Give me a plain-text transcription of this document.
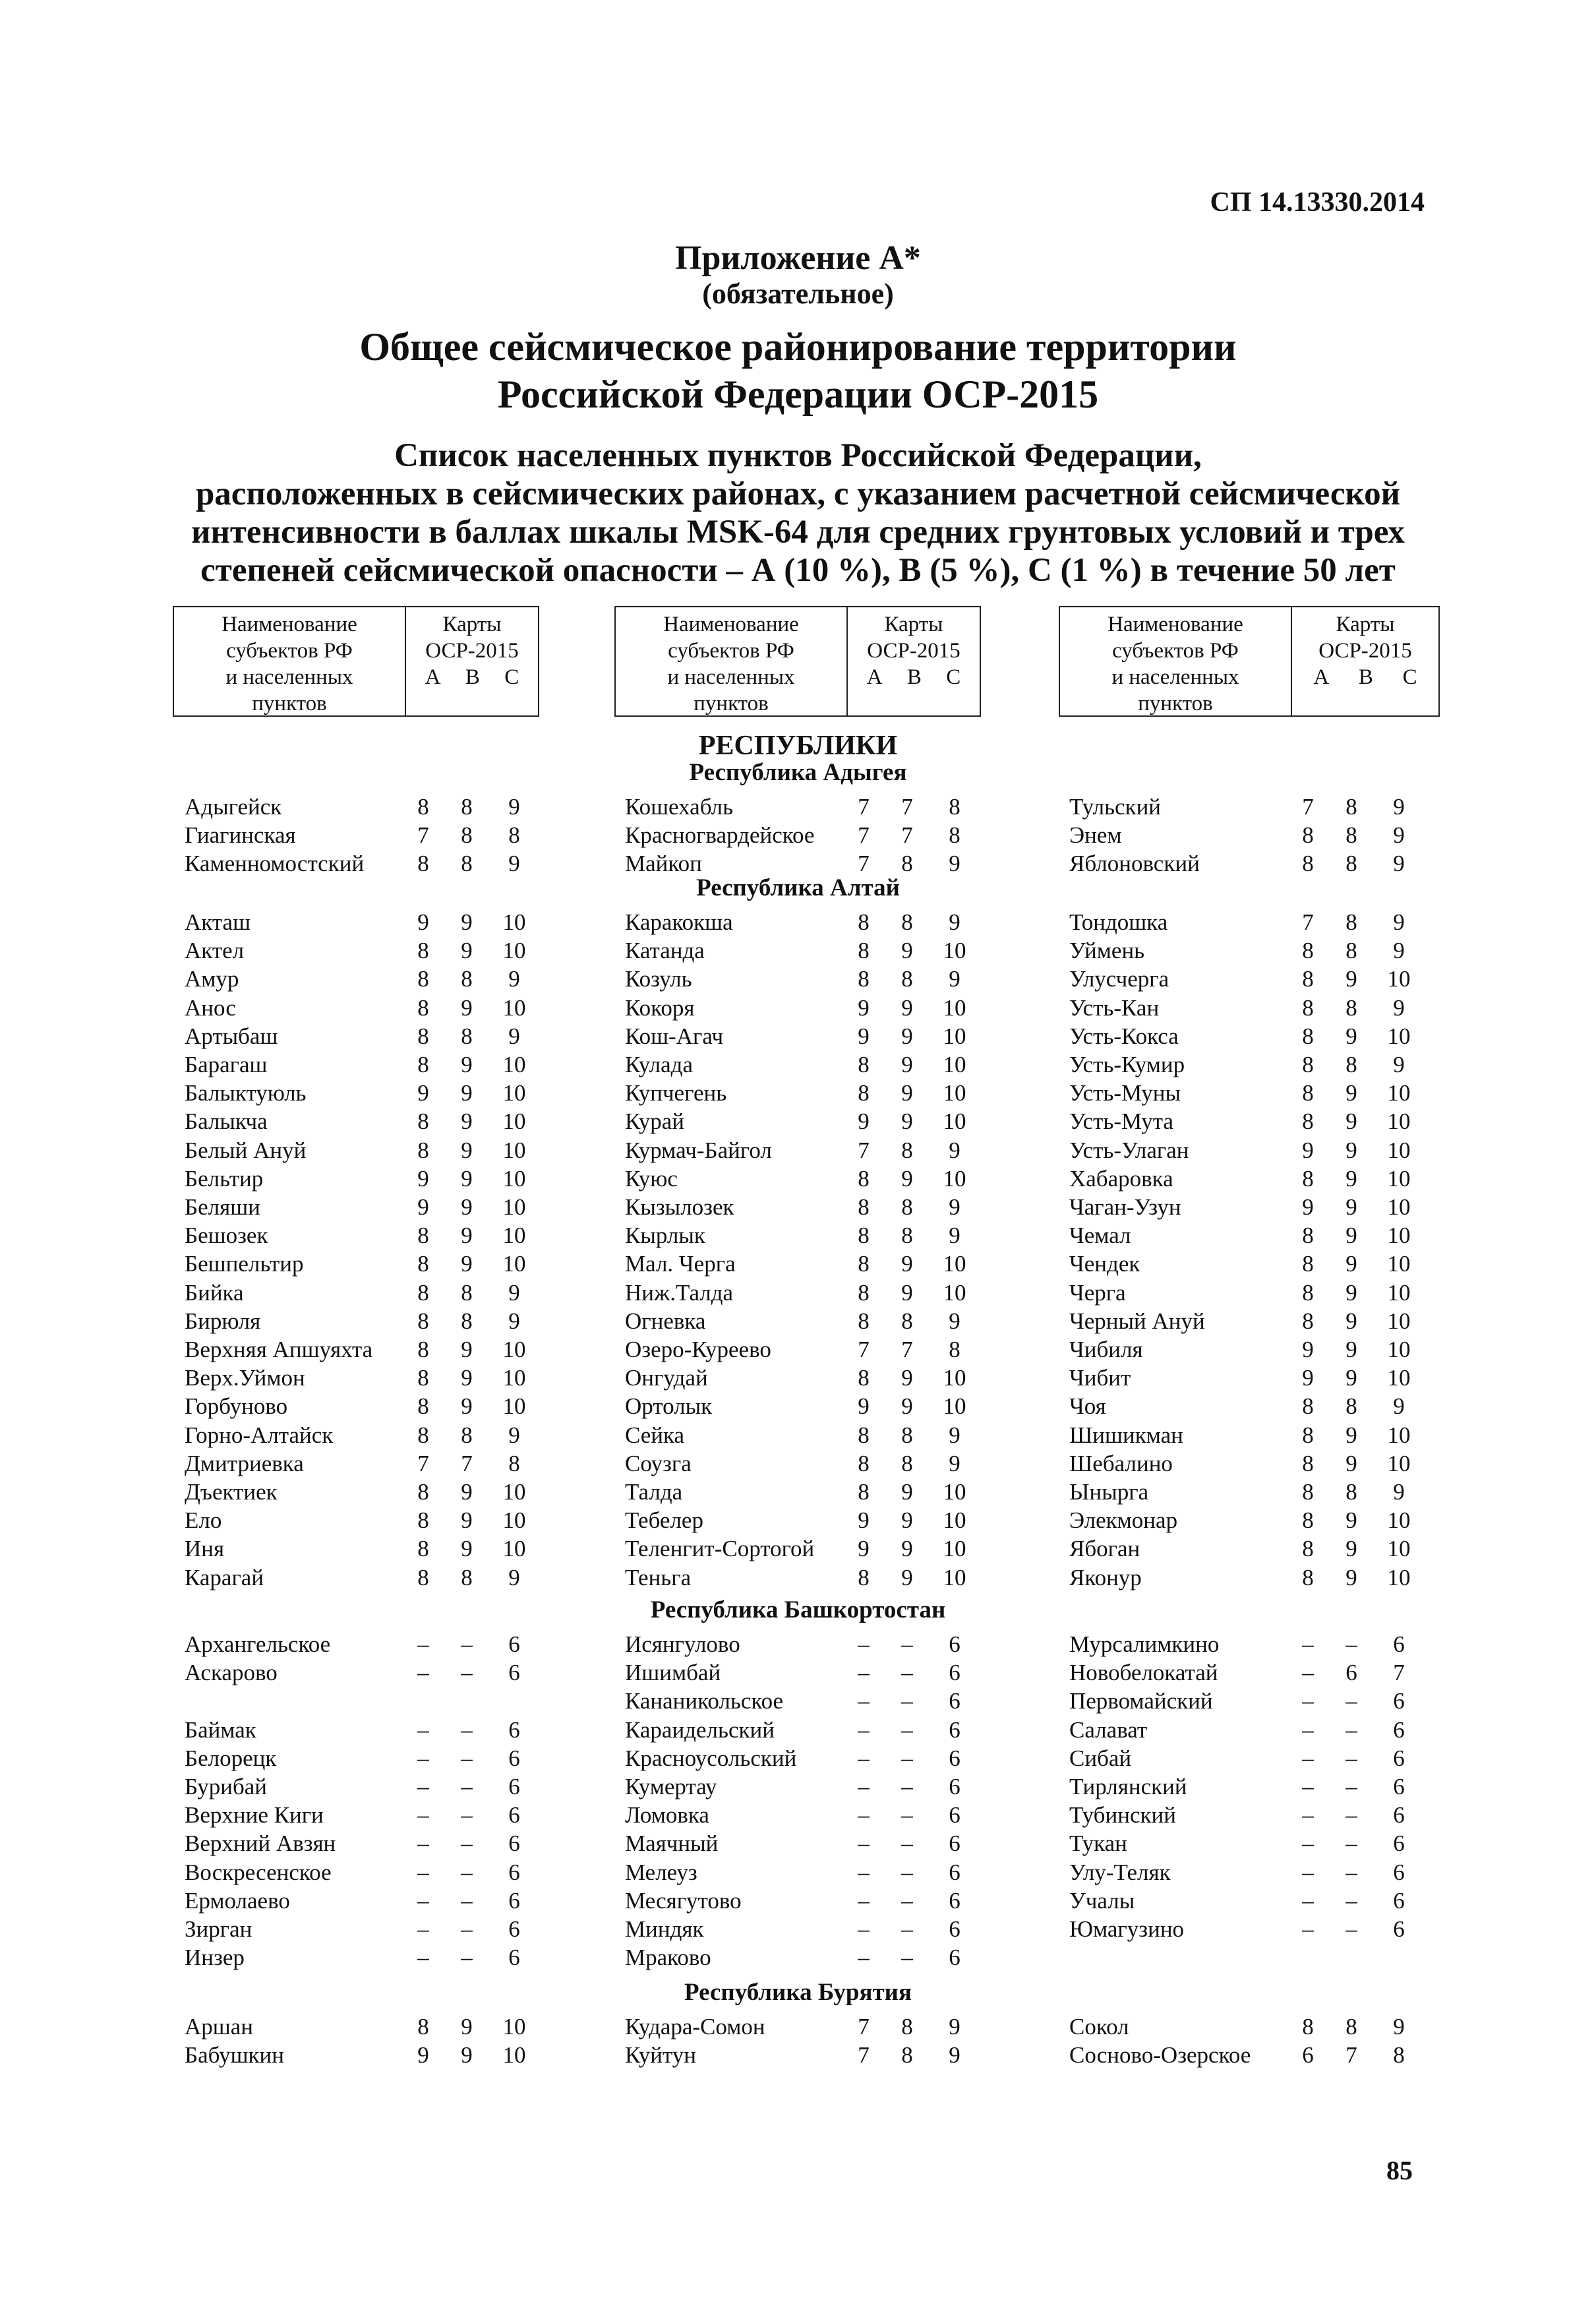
СП 14.13330.2014
Приложение А*
(обязательное)
Общее сейсмическое районирование территории
Российской Федерации ОСР-2015
Список населенных пунктов Российской Федерации,
расположенных в сейсмических районах, с указанием расчетной сейсмической
интенсивности в баллах шкалы MSK-64 для средних грунтовых условий и трех
степеней сейсмической опасности – А (10 %), В (5 %), С (1 %) в течение 50 лет
Наименование
субъектов РФ
и населенных
пунктов
Карты
ОСР-2015
А В С
Наименование
субъектов РФ
и населенных
пунктов
Карты
ОСР-2015
А В С
Наименование
субъектов РФ
и населенных
пунктов
Карты
ОСР-2015
А В С
РЕСПУБЛИКИ
Республика Адыгея
Адыгейск	8	8	9
Гиагинская	7	8	8
Каменномостский	8	8	9
Кошехабль	7	7	8
Красногвардейское	7	7	8
Майкоп	7	8	9
Тульский	7	8	9
Энем	8	8	9
Яблоновский	8	8	9
Республика Алтай
Акташ	9	9	10
Актел	8	9	10
Амур	8	8	9
Анос	8	9	10
Артыбаш	8	8	9
Барагаш	8	9	10
Балыктуюль	9	9	10
Балыкча	8	9	10
Белый Ануй	8	9	10
Бельтир	9	9	10
Беляши	9	9	10
Бешозек	8	9	10
Бешпельтир	8	9	10
Бийка	8	8	9
Бирюля	8	8	9
Верхняя Апшуяхта	8	9	10
Верх.Уймон	8	9	10
Горбуново	8	9	10
Горно-Алтайск	8	8	9
Дмитриевка	7	7	8
Дъектиек	8	9	10
Ело	8	9	10
Иня	8	9	10
Карагай	8	8	9
Каракокша	8	8	9
Катанда	8	9	10
Козуль	8	8	9
Кокоря	9	9	10
Кош-Агач	9	9	10
Кулада	8	9	10
Купчегень	8	9	10
Курай	9	9	10
Курмач-Байгол	7	8	9
Куюс	8	9	10
Кызылозек	8	8	9
Кырлык	8	8	9
Мал. Черга	8	9	10
Ниж.Талда	8	9	10
Огневка	8	8	9
Озеро-Куреево	7	7	8
Онгудай	8	9	10
Ортолык	9	9	10
Сейка	8	8	9
Соузга	8	8	9
Талда	8	9	10
Тебелер	9	9	10
Теленгит-Сортогой	9	9	10
Теньга	8	9	10
Тондошка	7	8	9
Уймень	8	8	9
Улусчерга	8	9	10
Усть-Кан	8	8	9
Усть-Кокса	8	9	10
Усть-Кумир	8	8	9
Усть-Муны	8	9	10
Усть-Мута	8	9	10
Усть-Улаган	9	9	10
Хабаровка	8	9	10
Чаган-Узун	9	9	10
Чемал	8	9	10
Чендек	8	9	10
Черга	8	9	10
Черный Ануй	8	9	10
Чибиля	9	9	10
Чибит	9	9	10
Чоя	8	8	9
Шишикман	8	9	10
Шебалино	8	9	10
Ыныргa	8	8	9
Элекмонар	8	9	10
Ябоган	8	9	10
Яконур	8	9	10
Республика Башкортостан
Архангельское	–	–	6
Аскарово	–	–	6
Баймак	–	–	6
Белорецк	–	–	6
Бурибай	–	–	6
Верхние Киги	–	–	6
Верхний Авзян	–	–	6
Воскресенское	–	–	6
Ермолаево	–	–	6
Зирган	–	–	6
Инзер	–	–	6
Исянгулово	–	–	6
Ишимбай	–	–	6
Кананикольское	–	–	6
Караидельский	–	–	6
Красноусольский	–	–	6
Кумертау	–	–	6
Ломовка	–	–	6
Маячный	–	–	6
Мелеуз	–	–	6
Месягутово	–	–	6
Миндяк	–	–	6
Мраково	–	–	6
Мурсалимкино	–	–	6
Новобелокатай	–	6	7
Первомайский	–	–	6
Салават	–	–	6
Сибай	–	–	6
Тирлянский	–	–	6
Тубинский	–	–	6
Тукан	–	–	6
Улу-Теляк	–	–	6
Учалы	–	–	6
Юмагузино	–	–	6
Республика Бурятия
Аршан	8	9	10
Бабушкин	9	9	10
Кудара-Сомон	7	8	9
Куйтун	7	8	9
Сокол	8	8	9
Сосново-Озерское	6	7	8
85
